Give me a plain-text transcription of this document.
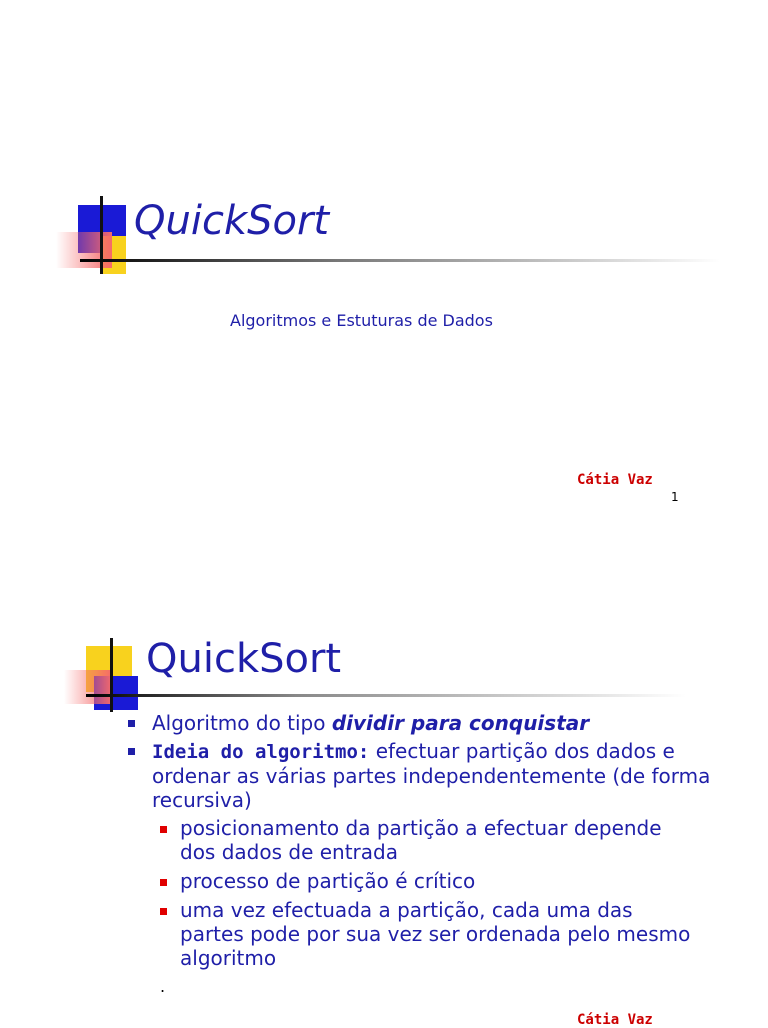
QuickSort
Algoritmos e Estuturas de Dados
Cátia Vaz
1
QuickSort
Algoritmo do tipo dividir para conquistar
Ideia do algoritmo: efectuar partição dos dados e ordenar as várias partes independentemente (de forma recursiva)
posicionamento da partição a efectuar depende dos dados de entrada
processo de partição é crítico
uma vez efectuada a partição, cada uma das partes pode por sua vez ser ordenada pelo mesmo algoritmo
.
Cátia Vaz
